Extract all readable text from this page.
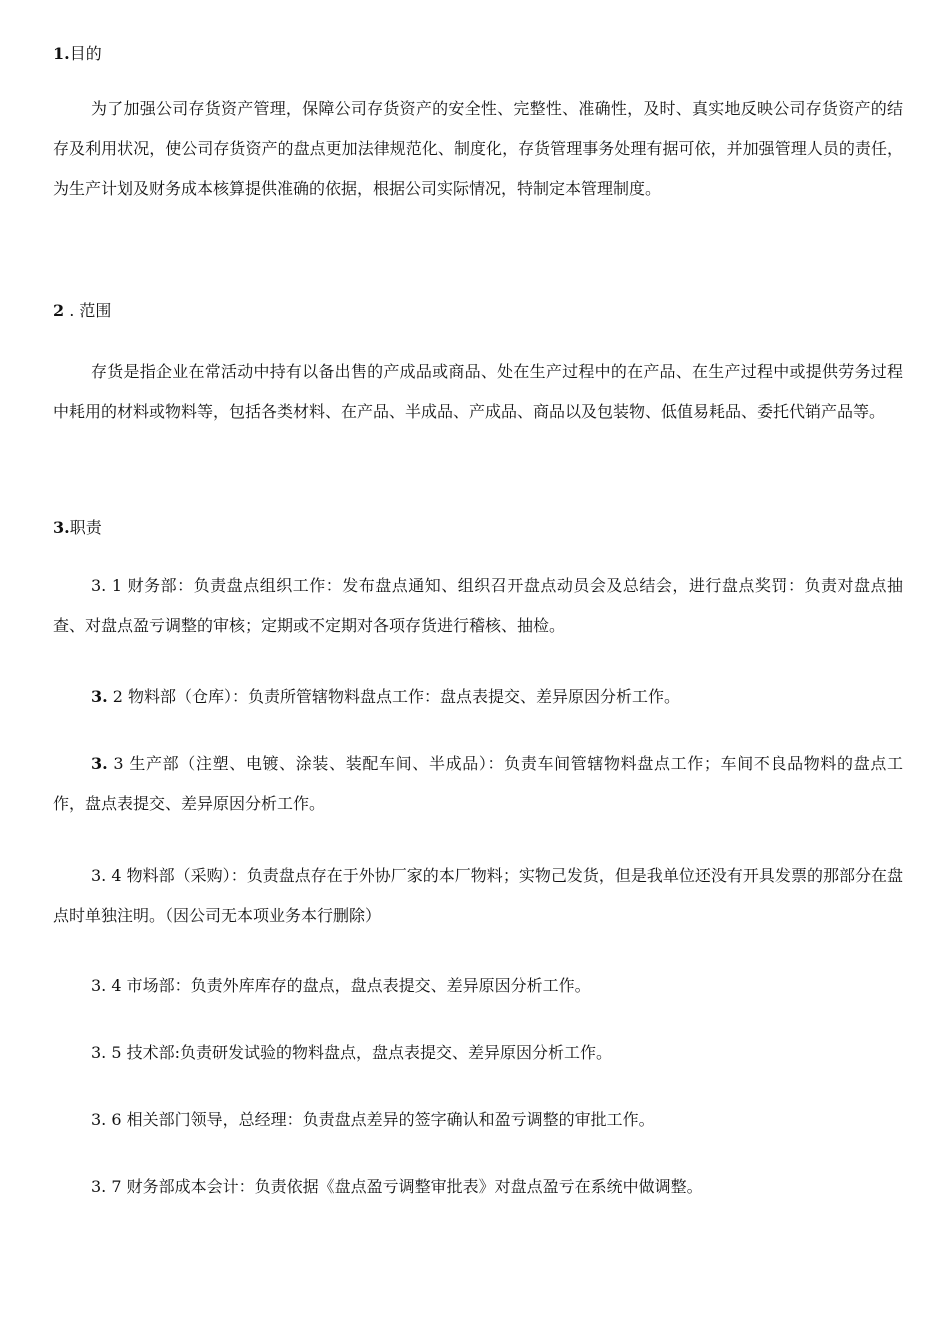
1.目的

为了加强公司存货资产管理，保障公司存货资产的安全性、完整性、准确性，及时、真实地反映公司存货资产的结存及利用状况，使公司存货资产的盘点更加法律规范化、制度化，存货管理事务处理有据可依，并加强管理人员的责任，为生产计划及财务成本核算提供准确的依据，根据公司实际情况，特制定本管理制度。

2 . 范围

存货是指企业在常活动中持有以备出售的产成品或商品、处在生产过程中的在产品、在生产过程中或提供劳务过程中耗用的材料或物料等，包括各类材料、在产品、半成品、产成品、商品以及包装物、低值易耗品、委托代销产品等。

3.职责

3. 1 财务部：负责盘点组织工作：发布盘点通知、组织召开盘点动员会及总结会，进行盘点奖罚：负责对盘点抽查、对盘点盈亏调整的审核；定期或不定期对各项存货进行稽核、抽检。

3. 2 物料部（仓库）：负责所管辖物料盘点工作：盘点表提交、差异原因分析工作。

3. 3 生产部（注塑、电镀、涂装、装配车间、半成品）：负责车间管辖物料盘点工作；车间不良品物料的盘点工作，盘点表提交、差异原因分析工作。

3. 4 物料部（采购）：负责盘点存在于外协厂家的本厂物料；实物己发货，但是我单位还没有开具发票的那部分在盘点时单独注明。（因公司无本项业务本行删除）

3. 4 市场部：负责外库库存的盘点，盘点表提交、差异原因分析工作。

3. 5 技术部:负责研发试验的物料盘点，盘点表提交、差异原因分析工作。

3. 6 相关部门领导，总经理：负责盘点差异的签字确认和盈亏调整的审批工作。

3. 7 财务部成本会计：负责依据《盘点盈亏调整审批表》对盘点盈亏在系统中做调整。
